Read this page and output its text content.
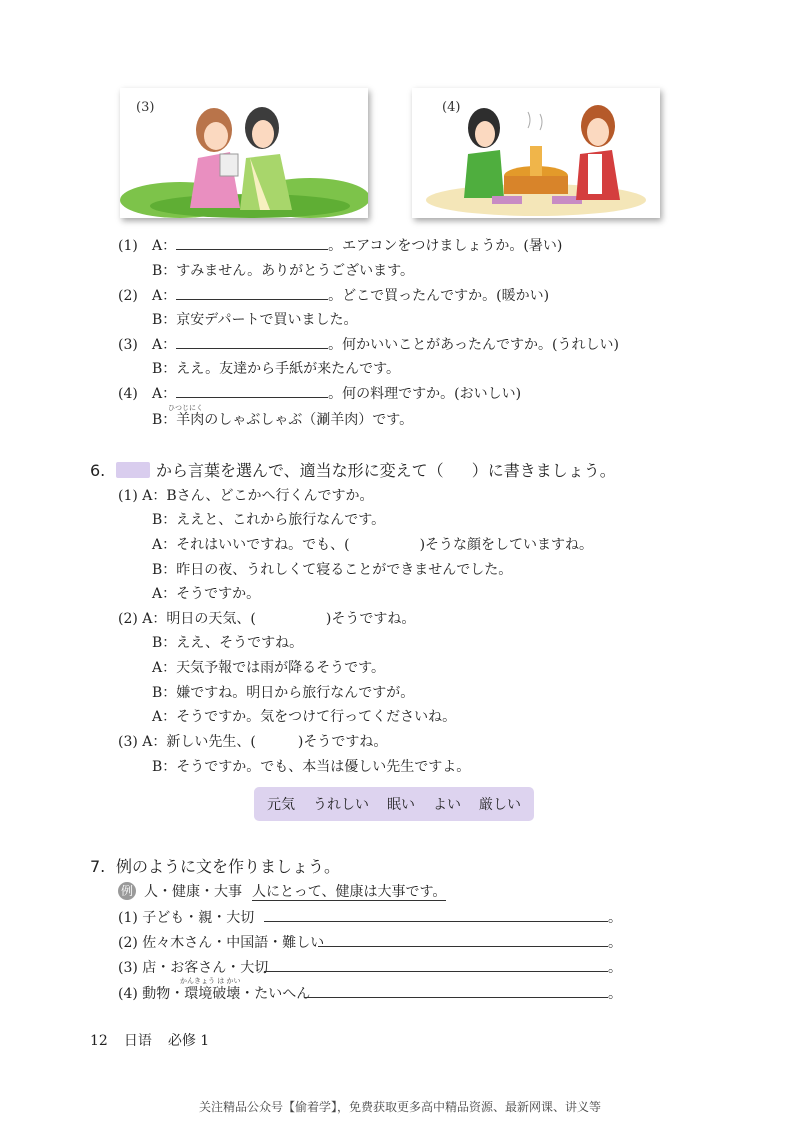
(3)	(4)
(1) A：	。エアコンをつけましょうか。(暑い)
B：すみません。ありがとうございます。
(2) A：	。どこで買ったんですか。(暖かい)
B：京安デパートで買いました。
(3) A：	。何かいいことがあったんですか。(うれしい)
B：ええ。友達から手紙が来たんです。
(4) A：	。何の料理ですか。(おいしい)
ひつじにく
B：羊肉のしゃぶしゃぶ（涮羊肉）です。
6.	から言葉を選んで、適当な形に変えて（ ）に書きましょう。
(1) A：Bさん、どこかへ行くんですか。
B：ええと、これから旅行なんです。
A：それはいいですね。でも、(　　　　　)そうな顔をしていますね。
B：昨日の夜、うれしくて寝ることができませんでした。
A：そうですか。
(2) A：明日の天気、(　　　　　)そうですね。
B：ええ、そうですね。
A：天気予報では雨が降るそうです。
B：嫌ですね。明日から旅行なんですが。
A：そうですか。気をつけて行ってくださいね。
(3) A：新しい先生、(　　　)そうですね。
B：そうですか。でも、本当は優しい先生ですよ。
元気 うれしい 眠い よい 厳しい
7. 例のように文を作りましょう。
例 人・健康・大事 人にとって、健康は大事です。
(1) 子ども・親・大切	。
(2) 佐々木さん・中国語・難しい	。
(3) 店・お客さん・大切	。
かんきょう は かい
(4) 動物・環境破壊・たいへん	。
12 日语 必修 1
关注精品公众号【偷着学】，免费获取更多高中精品资源、最新网课、讲义等
